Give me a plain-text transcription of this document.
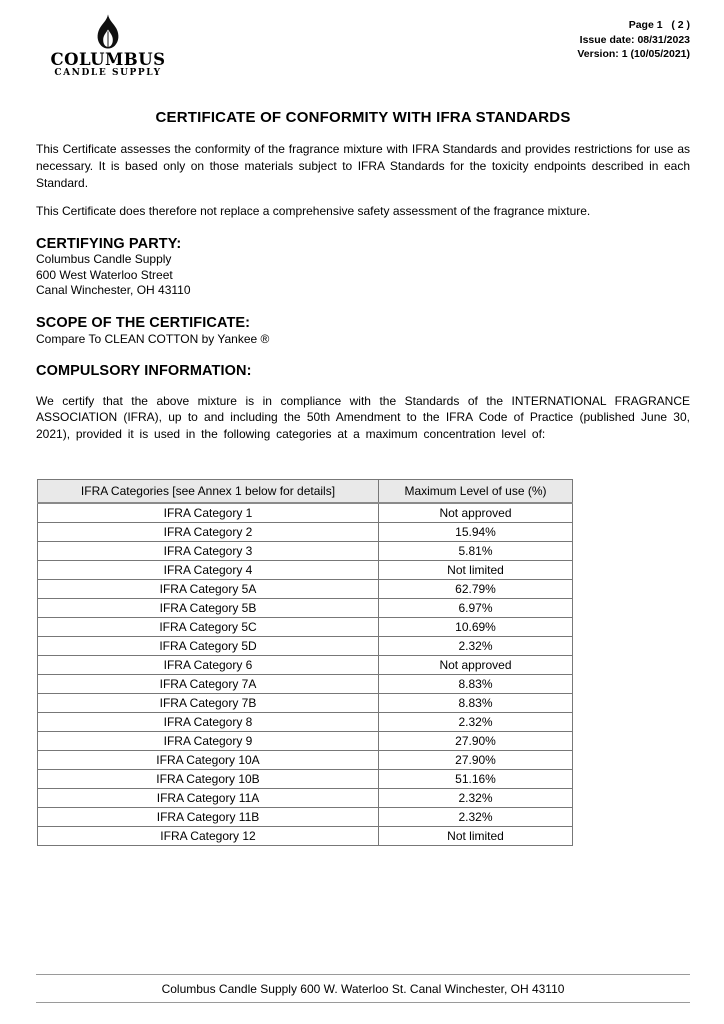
COLUMBUS
CANDLE SUPPLY
Page 1   ( 2 )
Issue date: 08/31/2023
Version: 1 (10/05/2021)
CERTIFICATE OF CONFORMITY WITH IFRA STANDARDS
This Certificate assesses the conformity of the fragrance mixture with IFRA Standards and provides restrictions for use as necessary. It is based only on those materials subject to IFRA Standards for the toxicity endpoints described in each Standard.
This Certificate does therefore not replace a comprehensive safety assessment of the fragrance mixture.
CERTIFYING PARTY:
Columbus Candle Supply
600 West Waterloo Street
Canal Winchester, OH 43110
SCOPE OF THE CERTIFICATE:
Compare To CLEAN COTTON by Yankee ®
COMPULSORY INFORMATION:
We certify that the above mixture is in compliance with the Standards of the INTERNATIONAL FRAGRANCE ASSOCIATION (IFRA), up to and including the 50th Amendment to the IFRA Code of Practice (published June 30, 2021), provided it is used in the following categories at a maximum concentration level of:
IFRA Categories [see Annex 1 below for details]	Maximum Level of use (%)
IFRA Category 1	Not approved
IFRA Category 2	15.94%
IFRA Category 3	5.81%
IFRA Category 4	Not limited
IFRA Category 5A	62.79%
IFRA Category 5B	6.97%
IFRA Category 5C	10.69%
IFRA Category 5D	2.32%
IFRA Category 6	Not approved
IFRA Category 7A	8.83%
IFRA Category 7B	8.83%
IFRA Category 8	2.32%
IFRA Category 9	27.90%
IFRA Category 10A	27.90%
IFRA Category 10B	51.16%
IFRA Category 11A	2.32%
IFRA Category 11B	2.32%
IFRA Category 12	Not limited
Columbus Candle Supply 600 W. Waterloo St. Canal Winchester, OH 43110
